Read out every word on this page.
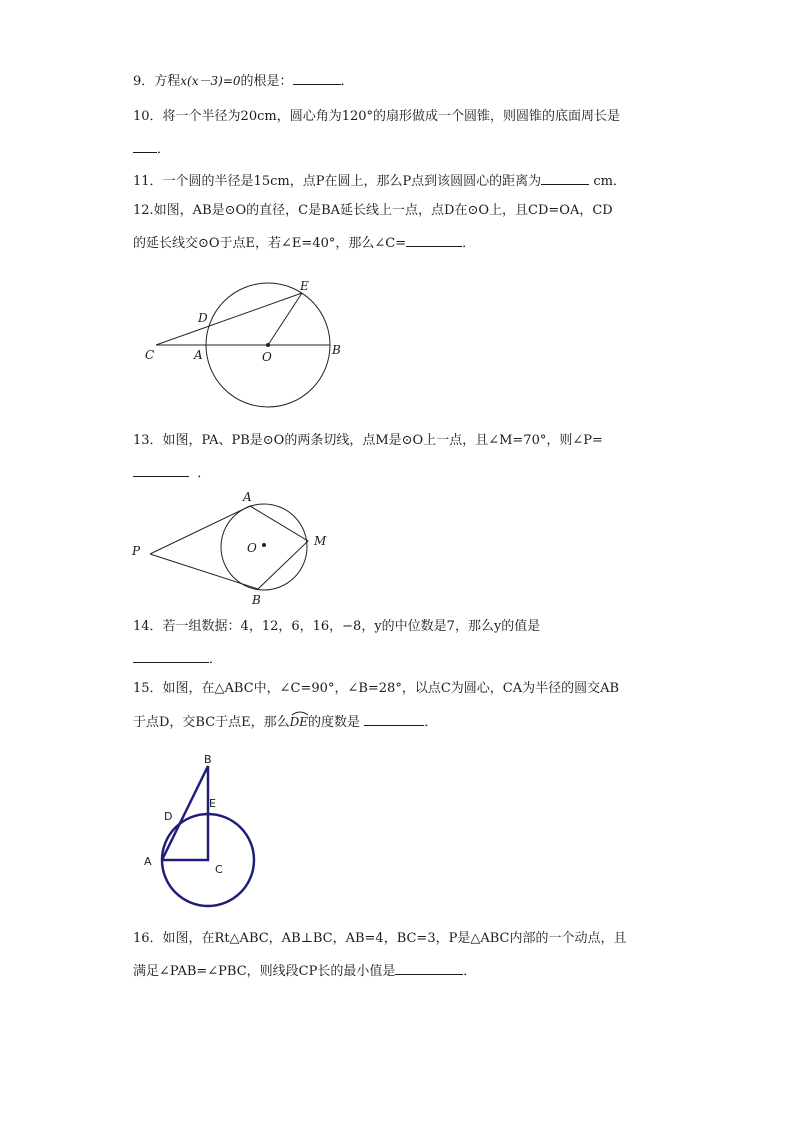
9．方程x(x－3)=0的根是：	．
10．将一个半径为20cm，圆心角为120°的扇形做成一个圆锥，则圆锥的底面周长是
．
11．一个圆的半径是15cm，点P在圆上，那么P点到该圆圆心的距离为	cm．
12.如图，AB是⊙O的直径，C是BA延长线上一点，点D在⊙O上，且CD=OA，CD
的延长线交⊙O于点E，若∠E=40°，那么∠C=	．
C	A	O	B
D
E
13．如图，PA、PB是⊙O的两条切线，点M是⊙O上一点，且∠M=70°，则∠P=
．
P
A
B
O	M
14．若一组数据：4，12，6，16，−8，y的中位数是7，那么y的值是
．
15．如图，在△ABC中，∠C=90°，∠B=28°，以点C为圆心，CA为半径的圆交AB
于点D，交BC于点E，那么DE
的度数是	．
B
E
D
A
C
16．如图，在Rt△ABC，AB⊥BC，AB=4，BC=3，P是△ABC内部的一个动点，且
满足∠PAB=∠PBC，则线段CP长的最小值是	．
